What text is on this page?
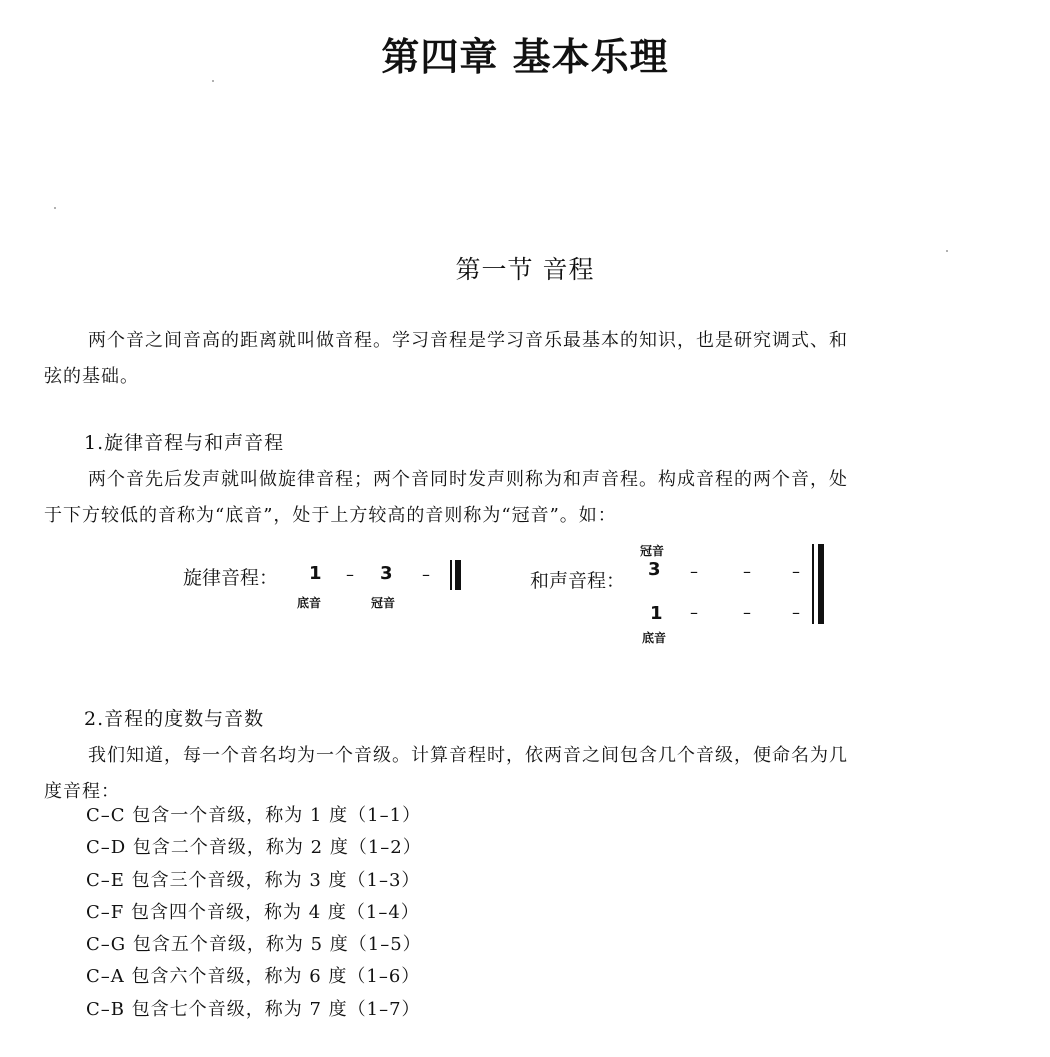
第四章 基本乐理
第一节 音程
两个音之间音高的距离就叫做音程。学习音程是学习音乐最基本的知识，也是研究调式、和
弦的基础。
1.旋律音程与和声音程
两个音先后发声就叫做旋律音程；两个音同时发声则称为和声音程。构成音程的两个音，处
于下方较低的音称为“底音”，处于上方较高的音则称为“冠音”。如：
旋律音程： 1 – 3 –
底音	冠音
和声音程：
冠音
3 –	–	–
1 –	–	–
底音
2.音程的度数与音数
我们知道，每一个音名均为一个音级。计算音程时，依两音之间包含几个音级，便命名为几
度音程：
C–C 包含一个音级，称为 1 度（1–1）
C–D 包含二个音级，称为 2 度（1–2）
C–E 包含三个音级，称为 3 度（1–3）
C–F 包含四个音级，称为 4 度（1–4）
C–G 包含五个音级，称为 5 度（1–5）
C–A 包含六个音级，称为 6 度（1–6）
C–B 包含七个音级，称为 7 度（1–7）
